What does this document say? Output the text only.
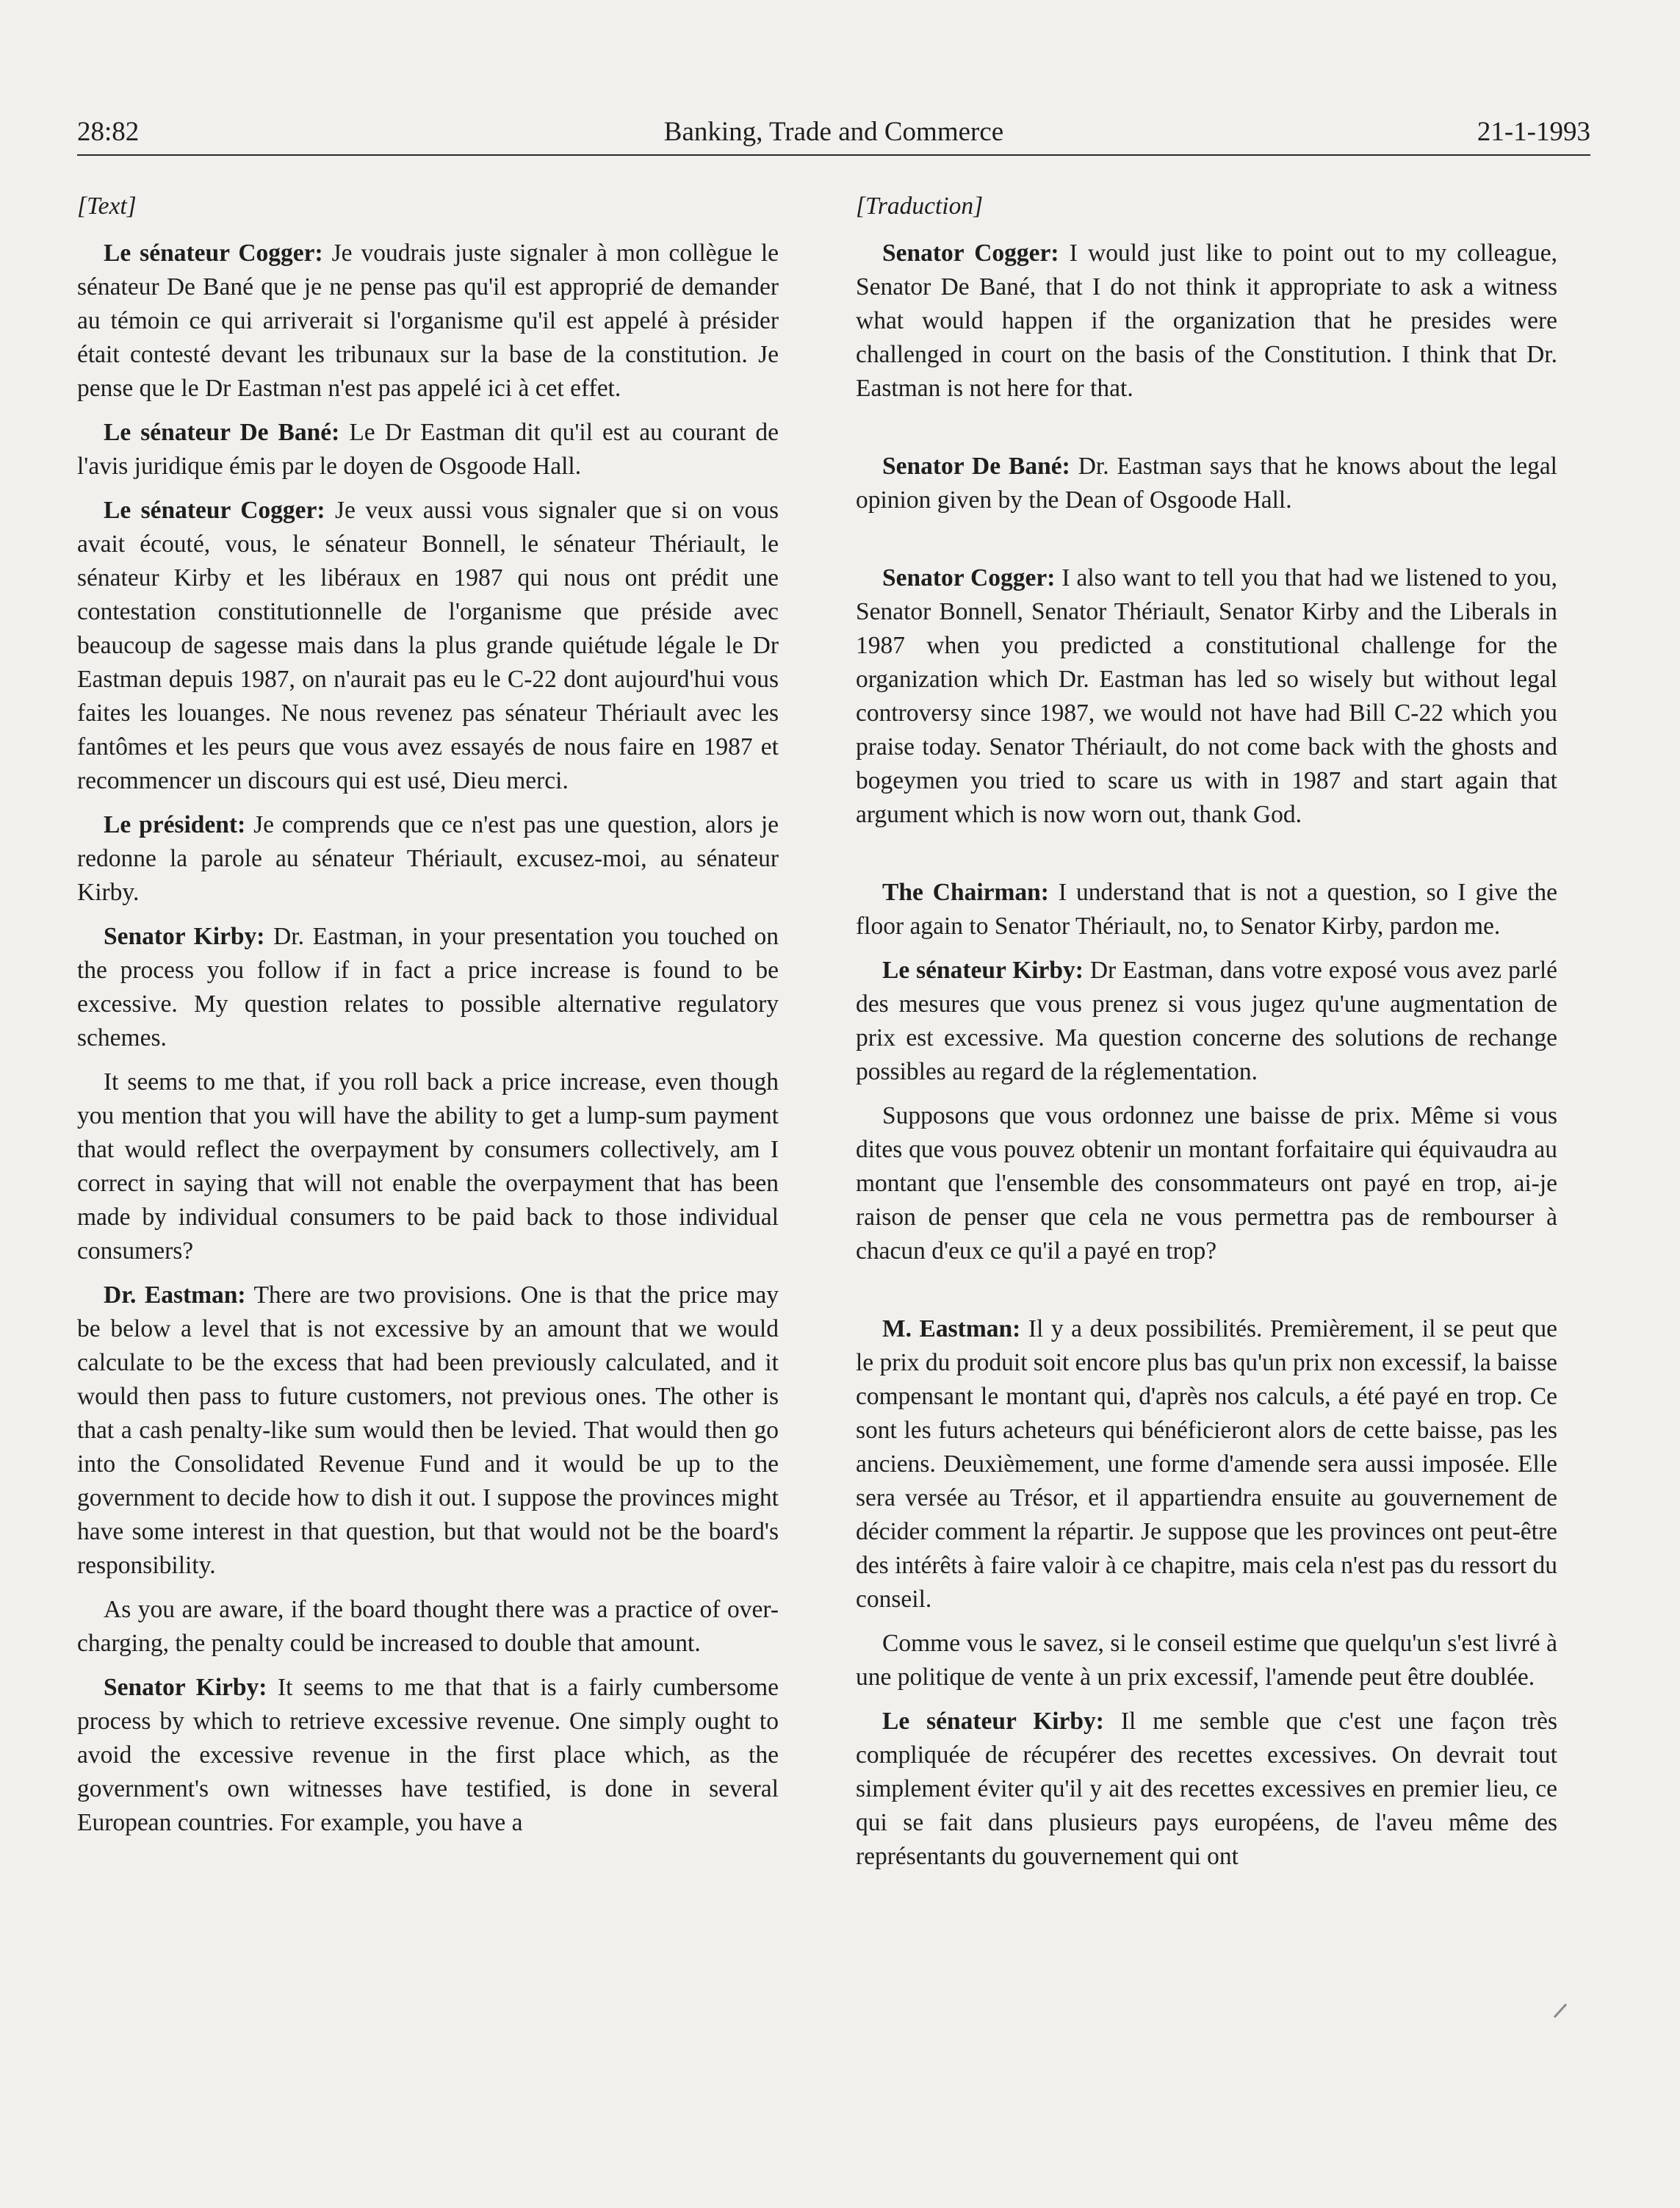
28:82	Banking, Trade and Commerce	21-1-1993
[Text]

Le sénateur Cogger: Je voudrais juste signaler à mon collègue le sénateur De Bané que je ne pense pas qu'il est approprié de demander au témoin ce qui arriverait si l'organisme qu'il est appelé à présider était contesté devant les tribunaux sur la base de la constitution. Je pense que le Dr Eastman n'est pas appelé ici à cet effet.

Le sénateur De Bané: Le Dr Eastman dit qu'il est au courant de l'avis juridique émis par le doyen de Osgoode Hall.

Le sénateur Cogger: Je veux aussi vous signaler que si on vous avait écouté, vous, le sénateur Bonnell, le sénateur Thériault, le sénateur Kirby et les libéraux en 1987 qui nous ont prédit une contestation constitutionnelle de l'organisme que préside avec beaucoup de sagesse mais dans la plus grande quiétude légale le Dr Eastman depuis 1987, on n'aurait pas eu le C-22 dont aujourd'hui vous faites les louanges. Ne nous revenez pas sénateur Thériault avec les fantômes et les peurs que vous avez essayés de nous faire en 1987 et recommencer un discours qui est usé, Dieu merci.

Le président: Je comprends que ce n'est pas une question, alors je redonne la parole au sénateur Thériault, excusez-moi, au sénateur Kirby.

Senator Kirby: Dr. Eastman, in your presentation you touched on the process you follow if in fact a price increase is found to be excessive. My question relates to possible alternative regulatory schemes.

It seems to me that, if you roll back a price increase, even though you mention that you will have the ability to get a lump-sum payment that would reflect the overpayment by consumers collectively, am I correct in saying that will not enable the overpayment that has been made by individual consumers to be paid back to those individual consumers?

Dr. Eastman: There are two provisions. One is that the price may be below a level that is not excessive by an amount that we would calculate to be the excess that had been previously calculated, and it would then pass to future customers, not previous ones. The other is that a cash penalty-like sum would then be levied. That would then go into the Consolidated Revenue Fund and it would be up to the government to decide how to dish it out. I suppose the provinces might have some interest in that question, but that would not be the board's responsibility.

As you are aware, if the board thought there was a practice of over-charging, the penalty could be increased to double that amount.

Senator Kirby: It seems to me that that is a fairly cumbersome process by which to retrieve excessive revenue. One simply ought to avoid the excessive revenue in the first place which, as the government's own witnesses have testified, is done in several European countries. For example, you have a

[Traduction]

Senator Cogger: I would just like to point out to my colleague, Senator De Bané, that I do not think it appropriate to ask a witness what would happen if the organization that he presides were challenged in court on the basis of the Constitution. I think that Dr. Eastman is not here for that.

Senator De Bané: Dr. Eastman says that he knows about the legal opinion given by the Dean of Osgoode Hall.

Senator Cogger: I also want to tell you that had we listened to you, Senator Bonnell, Senator Thériault, Senator Kirby and the Liberals in 1987 when you predicted a constitutional challenge for the organization which Dr. Eastman has led so wisely but without legal controversy since 1987, we would not have had Bill C-22 which you praise today. Senator Thériault, do not come back with the ghosts and bogeymen you tried to scare us with in 1987 and start again that argument which is now worn out, thank God.

The Chairman: I understand that is not a question, so I give the floor again to Senator Thériault, no, to Senator Kirby, pardon me.

Le sénateur Kirby: Dr Eastman, dans votre exposé vous avez parlé des mesures que vous prenez si vous jugez qu'une augmentation de prix est excessive. Ma question concerne des solutions de rechange possibles au regard de la réglementation.

Supposons que vous ordonnez une baisse de prix. Même si vous dites que vous pouvez obtenir un montant forfaitaire qui équivaudra au montant que l'ensemble des consommateurs ont payé en trop, ai-je raison de penser que cela ne vous permettra pas de rembourser à chacun d'eux ce qu'il a payé en trop?

M. Eastman: Il y a deux possibilités. Premièrement, il se peut que le prix du produit soit encore plus bas qu'un prix non excessif, la baisse compensant le montant qui, d'après nos calculs, a été payé en trop. Ce sont les futurs acheteurs qui bénéficieront alors de cette baisse, pas les anciens. Deuxièmement, une forme d'amende sera aussi imposée. Elle sera versée au Trésor, et il appartiendra ensuite au gouvernement de décider comment la répartir. Je suppose que les provinces ont peut-être des intérêts à faire valoir à ce chapitre, mais cela n'est pas du ressort du conseil.

Comme vous le savez, si le conseil estime que quelqu'un s'est livré à une politique de vente à un prix excessif, l'amende peut être doublée.

Le sénateur Kirby: Il me semble que c'est une façon très compliquée de récupérer des recettes excessives. On devrait tout simplement éviter qu'il y ait des recettes excessives en premier lieu, ce qui se fait dans plusieurs pays européens, de l'aveu même des représentants du gouvernement qui ont
